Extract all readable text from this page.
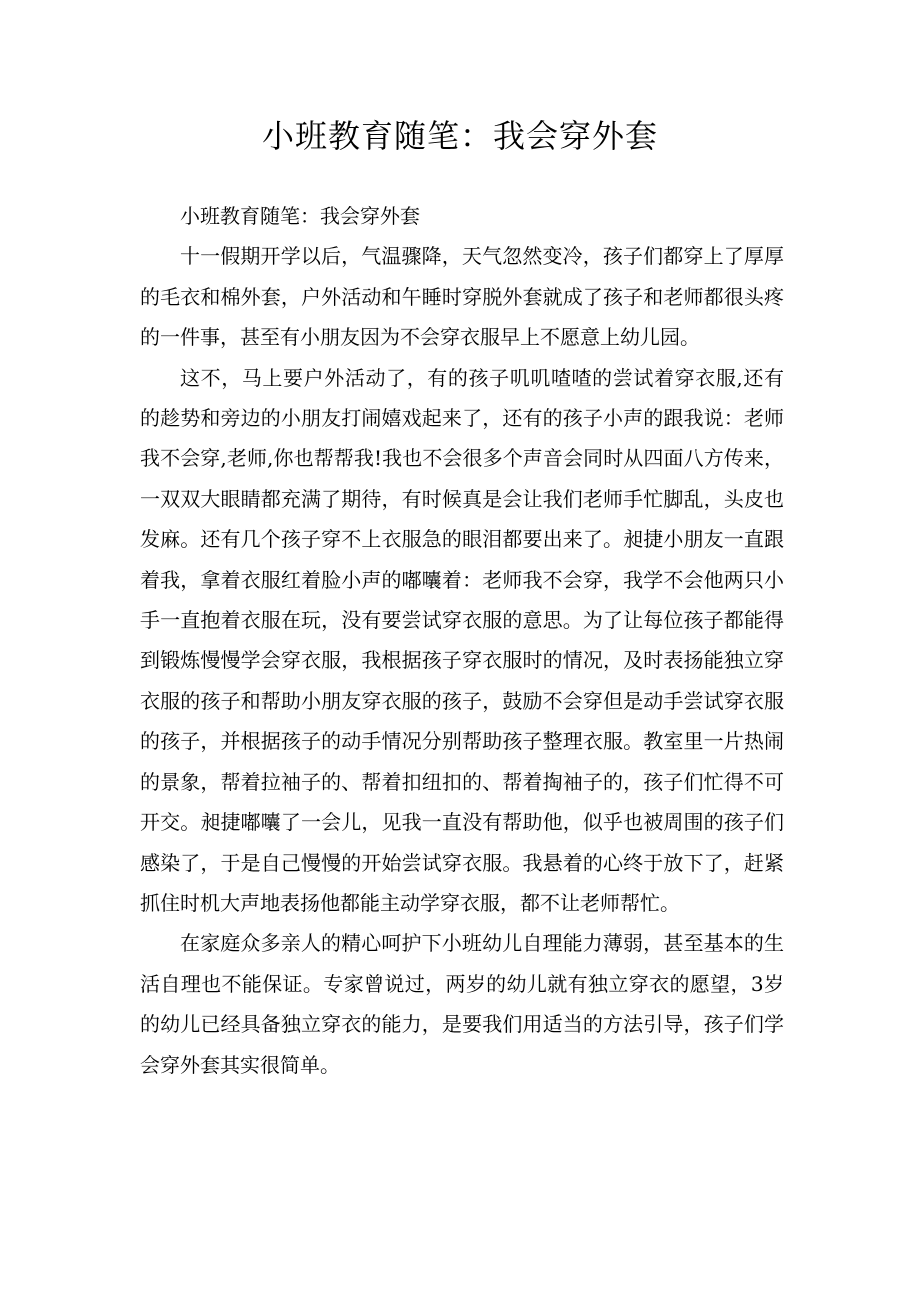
小班教育随笔：我会穿外套

小班教育随笔：我会穿外套

十一假期开学以后，气温骤降，天气忽然变冷，孩子们都穿上了厚厚的毛衣和棉外套，户外活动和午睡时穿脱外套就成了孩子和老师都很头疼的一件事，甚至有小朋友因为不会穿衣服早上不愿意上幼儿园。

这不，马上要户外活动了，有的孩子叽叽喳喳的尝试着穿衣服,还有的趁势和旁边的小朋友打闹嬉戏起来了，还有的孩子小声的跟我说：老师我不会穿,老师,你也帮帮我!我也不会很多个声音会同时从四面八方传来，一双双大眼睛都充满了期待，有时候真是会让我们老师手忙脚乱，头皮也发麻。还有几个孩子穿不上衣服急的眼泪都要出来了。昶捷小朋友一直跟着我，拿着衣服红着脸小声的嘟囔着：老师我不会穿，我学不会他两只小手一直抱着衣服在玩，没有要尝试穿衣服的意思。为了让每位孩子都能得到锻炼慢慢学会穿衣服，我根据孩子穿衣服时的情况，及时表扬能独立穿衣服的孩子和帮助小朋友穿衣服的孩子，鼓励不会穿但是动手尝试穿衣服的孩子，并根据孩子的动手情况分别帮助孩子整理衣服。教室里一片热闹的景象，帮着拉袖子的、帮着扣纽扣的、帮着掏袖子的，孩子们忙得不可开交。昶捷嘟囔了一会儿，见我一直没有帮助他，似乎也被周围的孩子们感染了，于是自己慢慢的开始尝试穿衣服。我悬着的心终于放下了，赶紧抓住时机大声地表扬他都能主动学穿衣服，都不让老师帮忙。

在家庭众多亲人的精心呵护下小班幼儿自理能力薄弱，甚至基本的生活自理也不能保证。专家曾说过，两岁的幼儿就有独立穿衣的愿望，3岁的幼儿已经具备独立穿衣的能力，是要我们用适当的方法引导，孩子们学会穿外套其实很简单。
